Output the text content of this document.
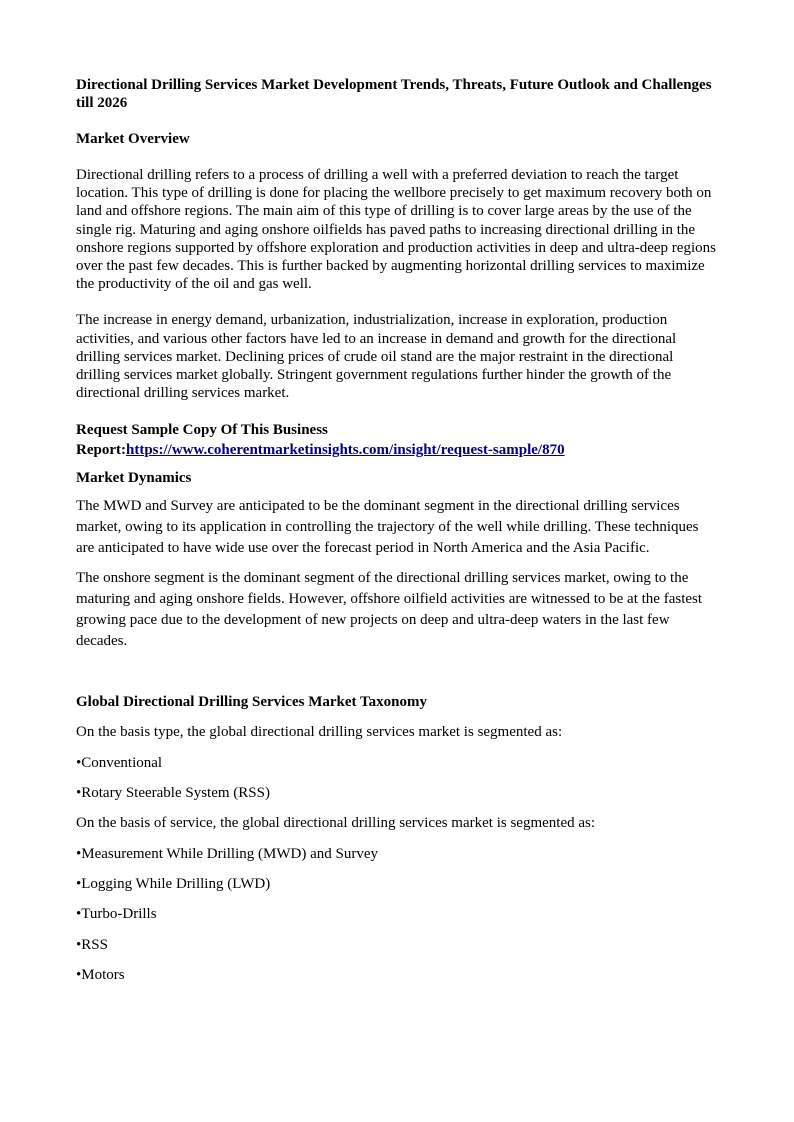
Directional Drilling Services Market Development Trends, Threats, Future Outlook and Challenges till 2026

Market Overview

Directional drilling refers to a process of drilling a well with a preferred deviation to reach the target location. This type of drilling is done for placing the wellbore precisely to get maximum recovery both on land and offshore regions. The main aim of this type of drilling is to cover large areas by the use of the single rig. Maturing and aging onshore oilfields has paved paths to increasing directional drilling in the onshore regions supported by offshore exploration and production activities in deep and ultra-deep regions over the past few decades. This is further backed by augmenting horizontal drilling services to maximize the productivity of the oil and gas well.

The increase in energy demand, urbanization, industrialization, increase in exploration, production activities, and various other factors have led to an increase in demand and growth for the directional drilling services market. Declining prices of crude oil stand are the major restraint in the directional drilling services market globally. Stringent government regulations further hinder the growth of the directional drilling services market.

Request Sample Copy Of This Business Report:https://www.coherentmarketinsights.com/insight/request-sample/870

Market Dynamics

The MWD and Survey are anticipated to be the dominant segment in the directional drilling services market, owing to its application in controlling the trajectory of the well while drilling. These techniques are anticipated to have wide use over the forecast period in North America and the Asia Pacific.

The onshore segment is the dominant segment of the directional drilling services market, owing to the maturing and aging onshore fields. However, offshore oilfield activities are witnessed to be at the fastest growing pace due to the development of new projects on deep and ultra-deep waters in the last few decades.

Global Directional Drilling Services Market Taxonomy

On the basis type, the global directional drilling services market is segmented as:

•Conventional

•Rotary Steerable System (RSS)

On the basis of service, the global directional drilling services market is segmented as:

•Measurement While Drilling (MWD) and Survey

•Logging While Drilling (LWD)

•Turbo-Drills

•RSS

•Motors
